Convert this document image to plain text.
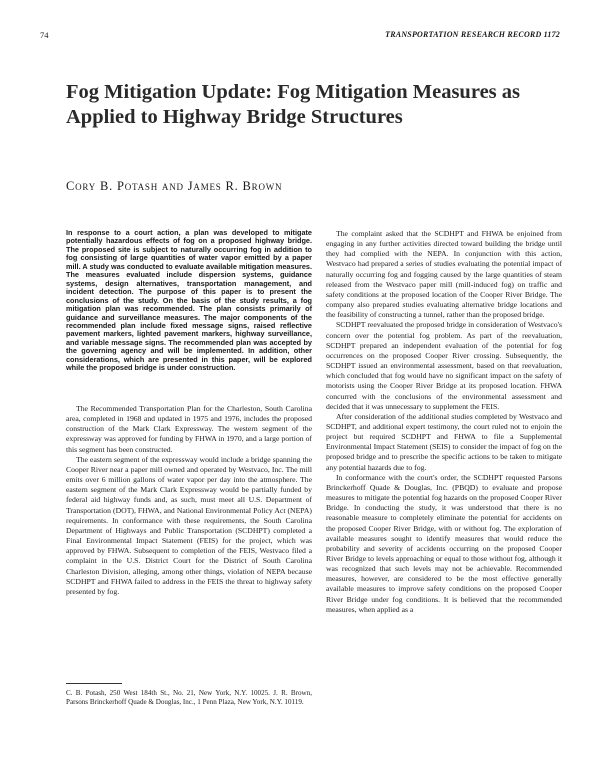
74	TRANSPORTATION RESEARCH RECORD 1172
Fog Mitigation Update: Fog Mitigation Measures as Applied to Highway Bridge Structures
Cory B. Potash and James R. Brown

In response to a court action, a plan was developed to mitigate potentially hazardous effects of fog on a proposed highway bridge. The proposed site is subject to naturally occurring fog in addition to fog consisting of large quantities of water vapor emitted by a paper mill. A study was conducted to evaluate available mitigation measures. The measures evaluated include dispersion systems, guidance systems, design alternatives, transportation management, and incident detection. The purpose of this paper is to present the conclusions of the study. On the basis of the study results, a fog mitigation plan was recommended. The plan consists primarily of guidance and surveillance measures. The major components of the recommended plan include fixed message signs, raised reflective pavement markers, lighted pavement markers, highway surveillance, and variable message signs. The recommended plan was accepted by the governing agency and will be implemented. In addition, other considerations, which are presented in this paper, will be explored while the proposed bridge is under construction.

The Recommended Transportation Plan for the Charleston, South Carolina area, completed in 1968 and updated in 1975 and 1976, includes the proposed construction of the Mark Clark Expressway. The western segment of the expressway was approved for funding by FHWA in 1970, and a large portion of this segment has been constructed.

The eastern segment of the expressway would include a bridge spanning the Cooper River near a paper mill owned and operated by Westvaco, Inc. The mill emits over 6 million gallons of water vapor per day into the atmosphere. The eastern segment of the Mark Clark Expressway would be partially funded by federal aid highway funds and, as such, must meet all U.S. Department of Transportation (DOT), FHWA, and National Environmental Policy Act (NEPA) requirements. In conformance with these requirements, the South Carolina Department of Highways and Public Transportation (SCDHPT) completed a Final Environmental Impact Statement (FEIS) for the project, which was approved by FHWA. Subsequent to completion of the FEIS, Westvaco filed a complaint in the U.S. District Court for the District of South Carolina Charleston Division, alleging, among other things, violation of NEPA because SCDHPT and FHWA failed to address in the FEIS the threat to highway safety presented by fog.

C. B. Potash, 250 West 184th St., No. 21, New York, N.Y. 10025. J. R. Brown, Parsons Brinckerhoff Quade & Douglas, Inc., 1 Penn Plaza, New York, N.Y. 10119.

The complaint asked that the SCDHPT and FHWA be enjoined from engaging in any further activities directed toward building the bridge until they had complied with the NEPA. In conjunction with this action, Westvaco had prepared a series of studies evaluating the potential impact of naturally occurring fog and fogging caused by the large quantities of steam released from the Westvaco paper mill (mill-induced fog) on traffic and safety conditions at the proposed location of the Cooper River Bridge. The company also prepared studies evaluating alternative bridge locations and the feasibility of constructing a tunnel, rather than the proposed bridge.

SCDHPT reevaluated the proposed bridge in consideration of Westvaco's concern over the potential fog problem. As part of the reevaluation, SCDHPT prepared an independent evaluation of the potential for fog occurrences on the proposed Cooper River crossing. Subsequently, the SCDHPT issued an environmental assessment, based on that reevaluation, which concluded that fog would have no significant impact on the safety of motorists using the Cooper River Bridge at its proposed location. FHWA concurred with the conclusions of the environmental assessment and decided that it was unnecessary to supplement the FEIS.

After consideration of the additional studies completed by Westvaco and SCDHPT, and additional expert testimony, the court ruled not to enjoin the project but required SCDHPT and FHWA to file a Supplemental Environmental Impact Statement (SEIS) to consider the impact of fog on the proposed bridge and to prescribe the specific actions to be taken to mitigate any potential hazards due to fog.

In conformance with the court's order, the SCDHPT requested Parsons Brinckerhoff Quade & Douglas, Inc. (PBQD) to evaluate and propose measures to mitigate the potential fog hazards on the proposed Cooper River Bridge. In conducting the study, it was understood that there is no reasonable measure to completely eliminate the potential for accidents on the proposed Cooper River Bridge, with or without fog. The exploration of available measures sought to identify measures that would reduce the probability and severity of accidents occurring on the proposed Cooper River Bridge to levels approaching or equal to those without fog, although it was recognized that such levels may not be achievable. Recommended measures, however, are considered to be the most effective generally available measures to improve safety conditions on the proposed Cooper River Bridge under fog conditions. It is believed that the recommended measures, when applied as a
